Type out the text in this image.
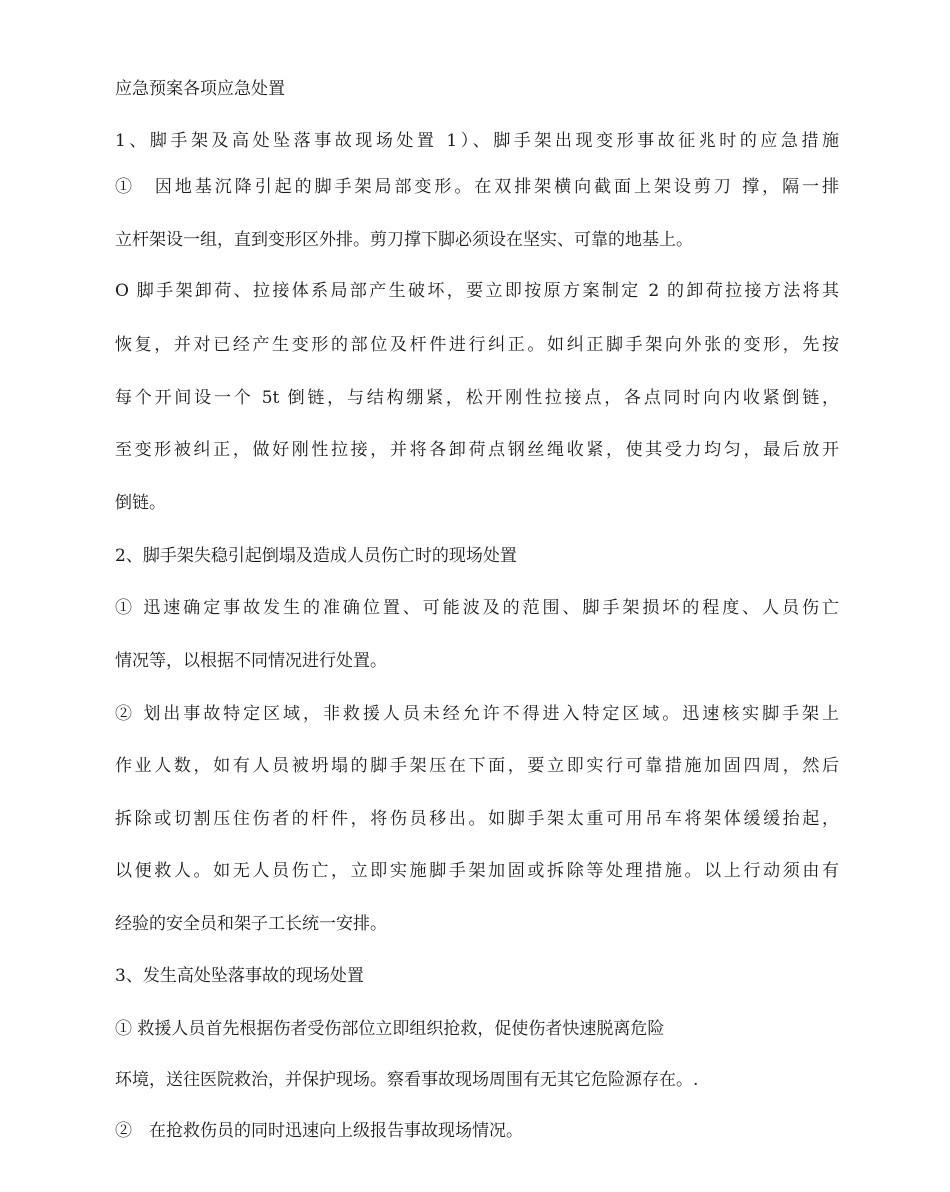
应急预案各项应急处置

1、脚手架及高处坠落事故现场处置 1）、脚手架出现变形事故征兆时的应急措施

①　因地基沉降引起的脚手架局部变形。在双排架横向截面上架设剪刀 撑，隔一排

立杆架设一组，直到变形区外排。剪刀撑下脚必须设在坚实、可靠的地基上。

O 脚手架卸荷、拉接体系局部产生破坏，要立即按原方案制定 2 的卸荷拉接方法将其

恢复，并对已经产生变形的部位及杆件进行纠正。如纠正脚手架向外张的变形，先按

每个开间设一个 5t 倒链，与结构绷紧，松开刚性拉接点，各点同时向内收紧倒链，

至变形被纠正，做好刚性拉接，并将各卸荷点钢丝绳收紧，使其受力均匀，最后放开

倒链。

2、脚手架失稳引起倒塌及造成人员伤亡时的现场处置

① 迅速确定事故发生的准确位置、可能波及的范围、脚手架损坏的程度、人员伤亡

情况等，以根据不同情况进行处置。

② 划出事故特定区域，非救援人员未经允许不得进入特定区域。迅速核实脚手架上

作业人数，如有人员被坍塌的脚手架压在下面，要立即实行可靠措施加固四周，然后

拆除或切割压住伤者的杆件，将伤员移出。如脚手架太重可用吊车将架体缓缓抬起，

以便救人。如无人员伤亡，立即实施脚手架加固或拆除等处理措施。以上行动须由有

经验的安全员和架子工长统一安排。

3、发生高处坠落事故的现场处置

① 救援人员首先根据伤者受伤部位立即组织抢救，促使伤者快速脱离危险

环境，送往医院救治，并保护现场。察看事故现场周围有无其它危险源存在。.

②　在抢救伤员的同时迅速向上级报告事故现场情况。
